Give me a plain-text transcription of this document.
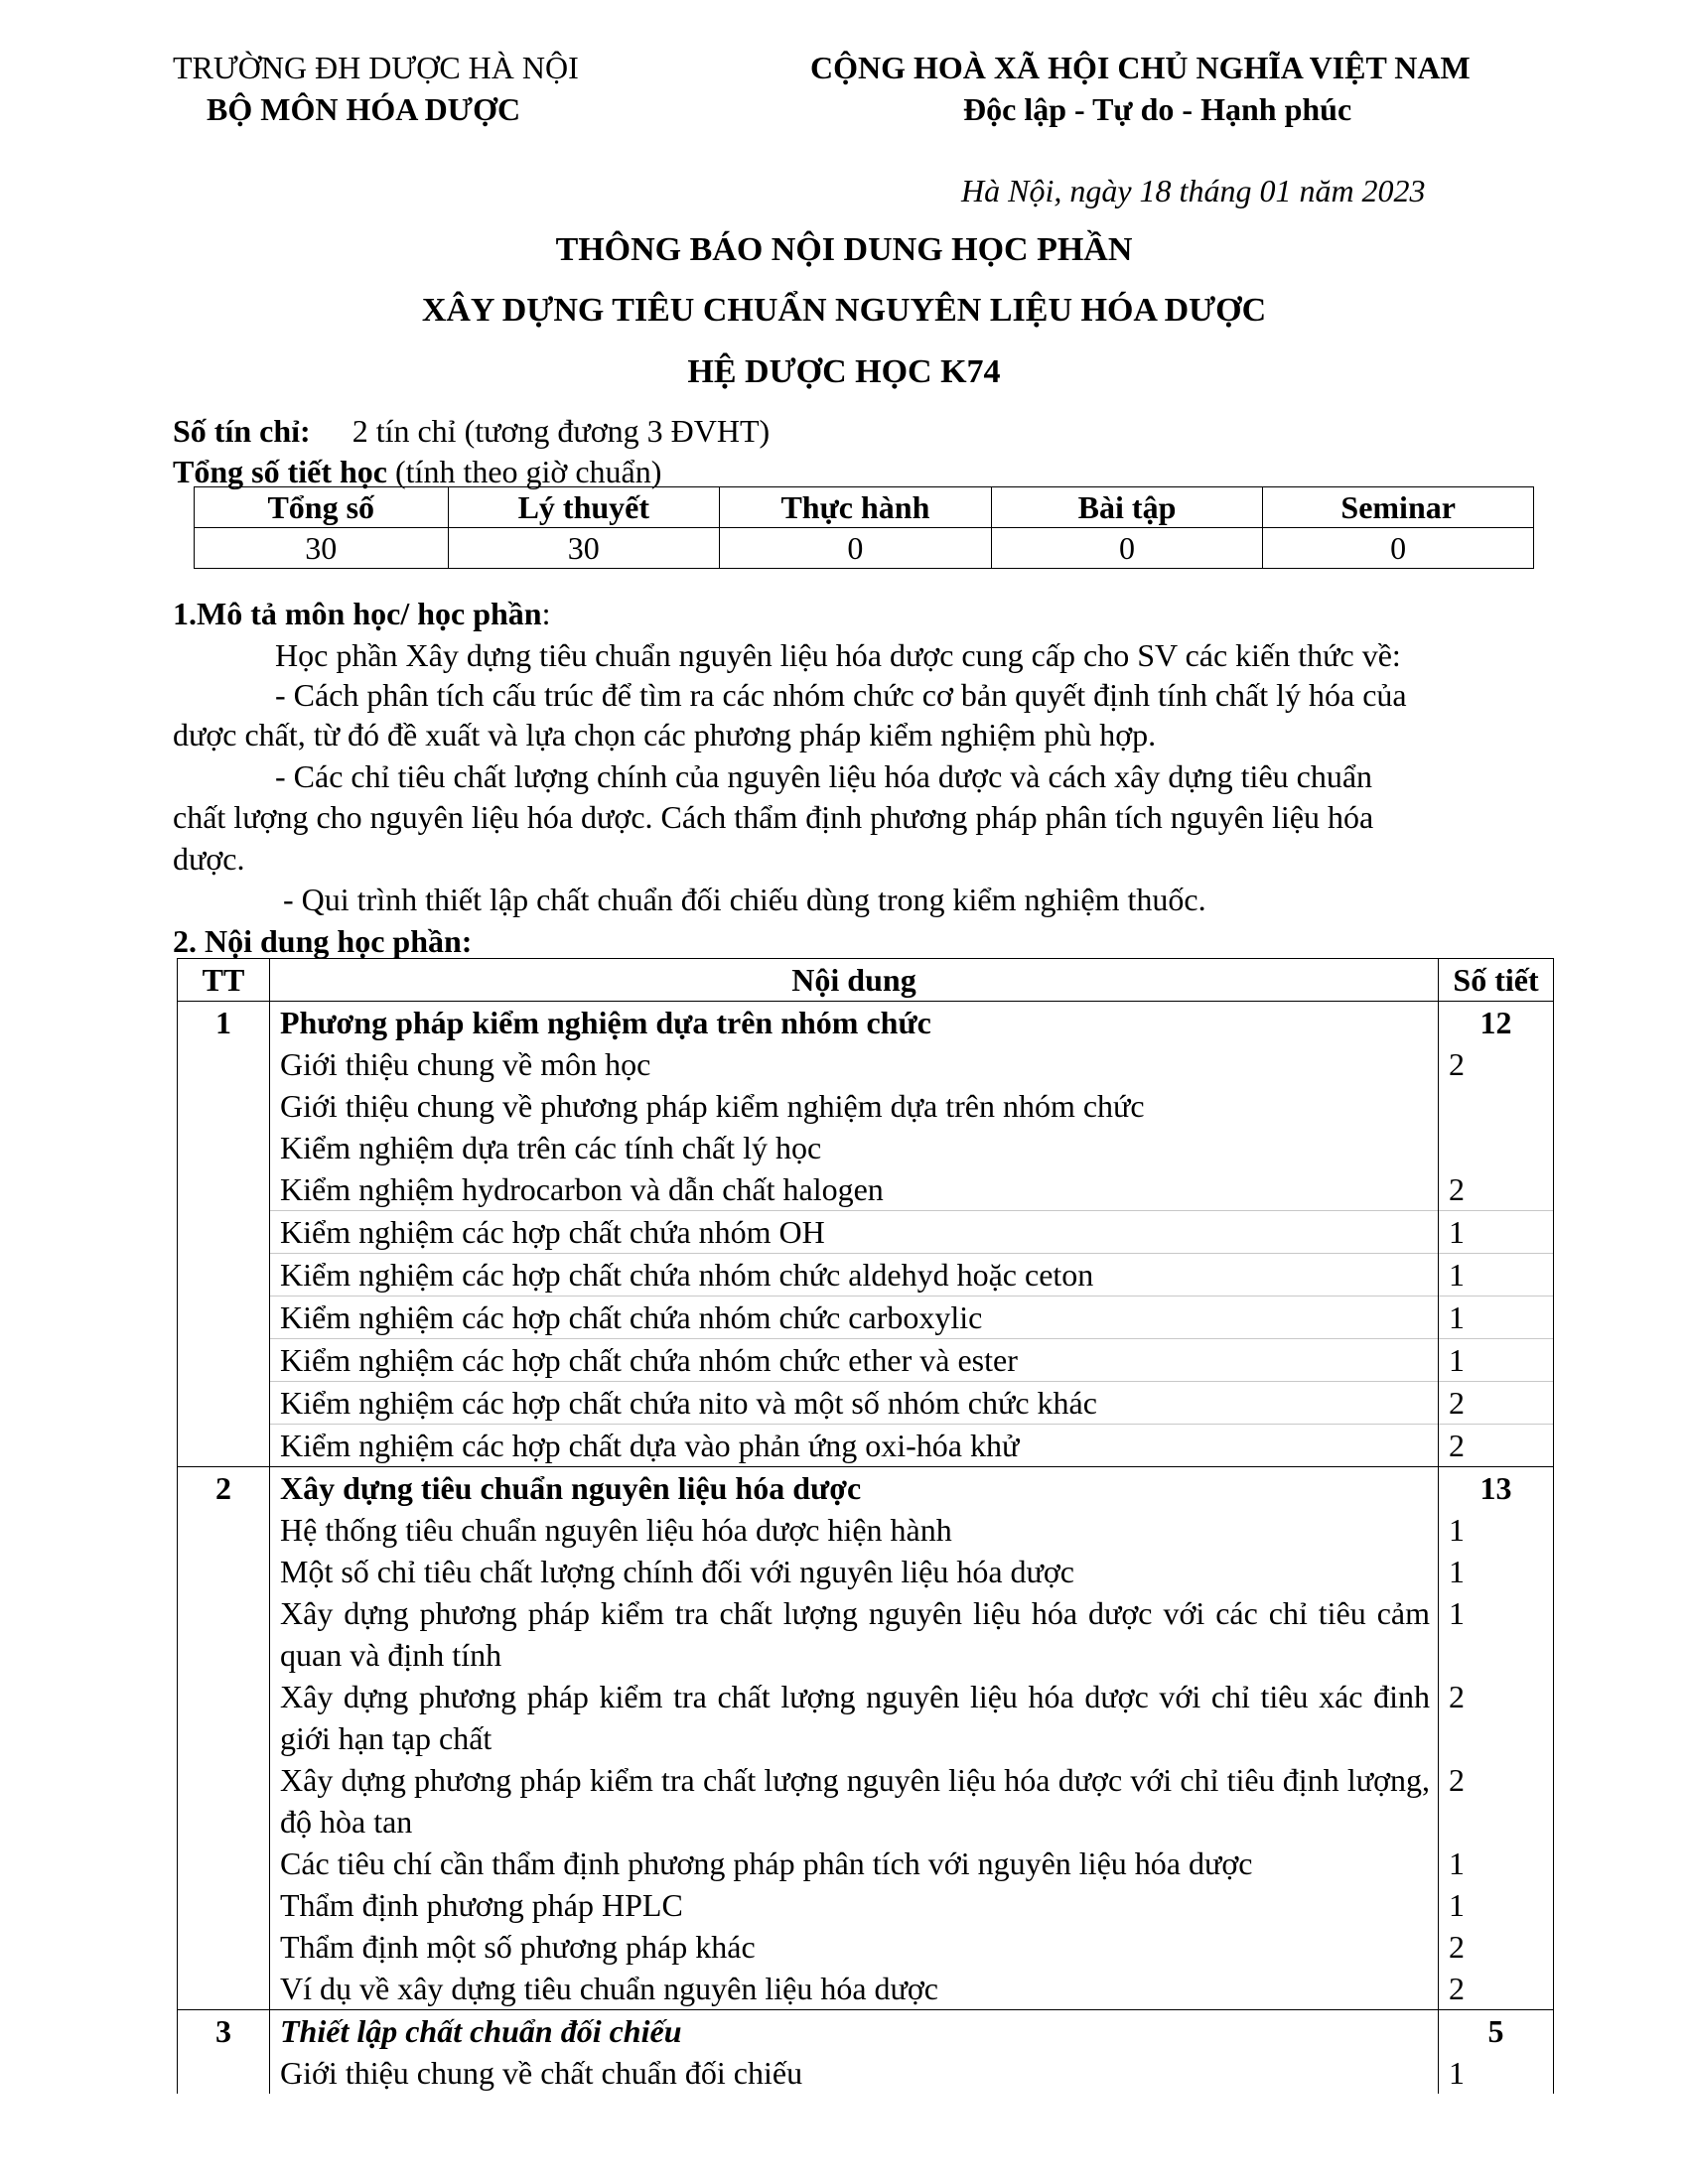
TRƯỜNG ĐH DƯỢC HÀ NỘI
BỘ MÔN HÓA DƯỢC
CỘNG HOÀ XÃ HỘI CHỦ NGHĨA VIỆT NAM
Độc lập - Tự do - Hạnh phúc
Hà Nội, ngày 18 tháng 01 năm 2023
THÔNG BÁO NỘI DUNG HỌC PHẦN
XÂY DỰNG TIÊU CHUẨN NGUYÊN LIỆU HÓA DƯỢC
HỆ DƯỢC HỌC K74
Số tín chỉ: 2 tín chỉ (tương đương 3 ĐVHT)
Tổng số tiết học (tính theo giờ chuẩn)
Tổng số	Lý thuyết	Thực hành	Bài tập	Seminar
30	30	0	0	0
1.Mô tả môn học/ học phần:
Học phần Xây dựng tiêu chuẩn nguyên liệu hóa dược cung cấp cho SV các kiến thức về:
- Cách phân tích cấu trúc để tìm ra các nhóm chức cơ bản quyết định tính chất lý hóa của
dược chất, từ đó đề xuất và lựa chọn các phương pháp kiểm nghiệm phù hợp.
- Các chỉ tiêu chất lượng chính của nguyên liệu hóa dược và cách xây dựng tiêu chuẩn
chất lượng cho nguyên liệu hóa dược. Cách thẩm định phương pháp phân tích nguyên liệu hóa
dược.
- Qui trình thiết lập chất chuẩn đối chiếu dùng trong kiểm nghiệm thuốc.
2. Nội dung học phần:
TT	Nội dung	Số tiết
1	Phương pháp kiểm nghiệm dựa trên nhóm chức	12
	Giới thiệu chung về môn học	2
	Giới thiệu chung về phương pháp kiểm nghiệm dựa trên nhóm chức	
	Kiểm nghiệm dựa trên các tính chất lý học	
	Kiểm nghiệm hydrocarbon và dẫn chất halogen	2
	Kiểm nghiệm các hợp chất chứa nhóm OH	1
	Kiểm nghiệm các hợp chất chứa nhóm chức aldehyd hoặc ceton	1
	Kiểm nghiệm các hợp chất chứa nhóm chức carboxylic	1
	Kiểm nghiệm các hợp chất chứa nhóm chức ether và ester	1
	Kiểm nghiệm các hợp chất chứa nito và một số nhóm chức khác	2
	Kiểm nghiệm các hợp chất dựa vào phản ứng oxi-hóa khử	2
2	Xây dựng tiêu chuẩn nguyên liệu hóa dược	13
	Hệ thống tiêu chuẩn nguyên liệu hóa dược hiện hành	1
	Một số chỉ tiêu chất lượng chính đối với nguyên liệu hóa dược	1
	Xây dựng phương pháp kiểm tra chất lượng nguyên liệu hóa dược với các chỉ tiêu cảm quan và định tính	1
	Xây dựng phương pháp kiểm tra chất lượng nguyên liệu hóa dược với chỉ tiêu xác đinh giới hạn tạp chất	2
	Xây dựng phương pháp kiểm tra chất lượng nguyên liệu hóa dược với chỉ tiêu định lượng, độ hòa tan	2
	Các tiêu chí cần thẩm định phương pháp phân tích với nguyên liệu hóa dược	1
	Thẩm định phương pháp HPLC	1
	Thẩm định một số phương pháp khác	2
	Ví dụ về xây dựng tiêu chuẩn nguyên liệu hóa dược	2
3	Thiết lập chất chuẩn đối chiếu	5
	Giới thiệu chung về chất chuẩn đối chiếu	1
